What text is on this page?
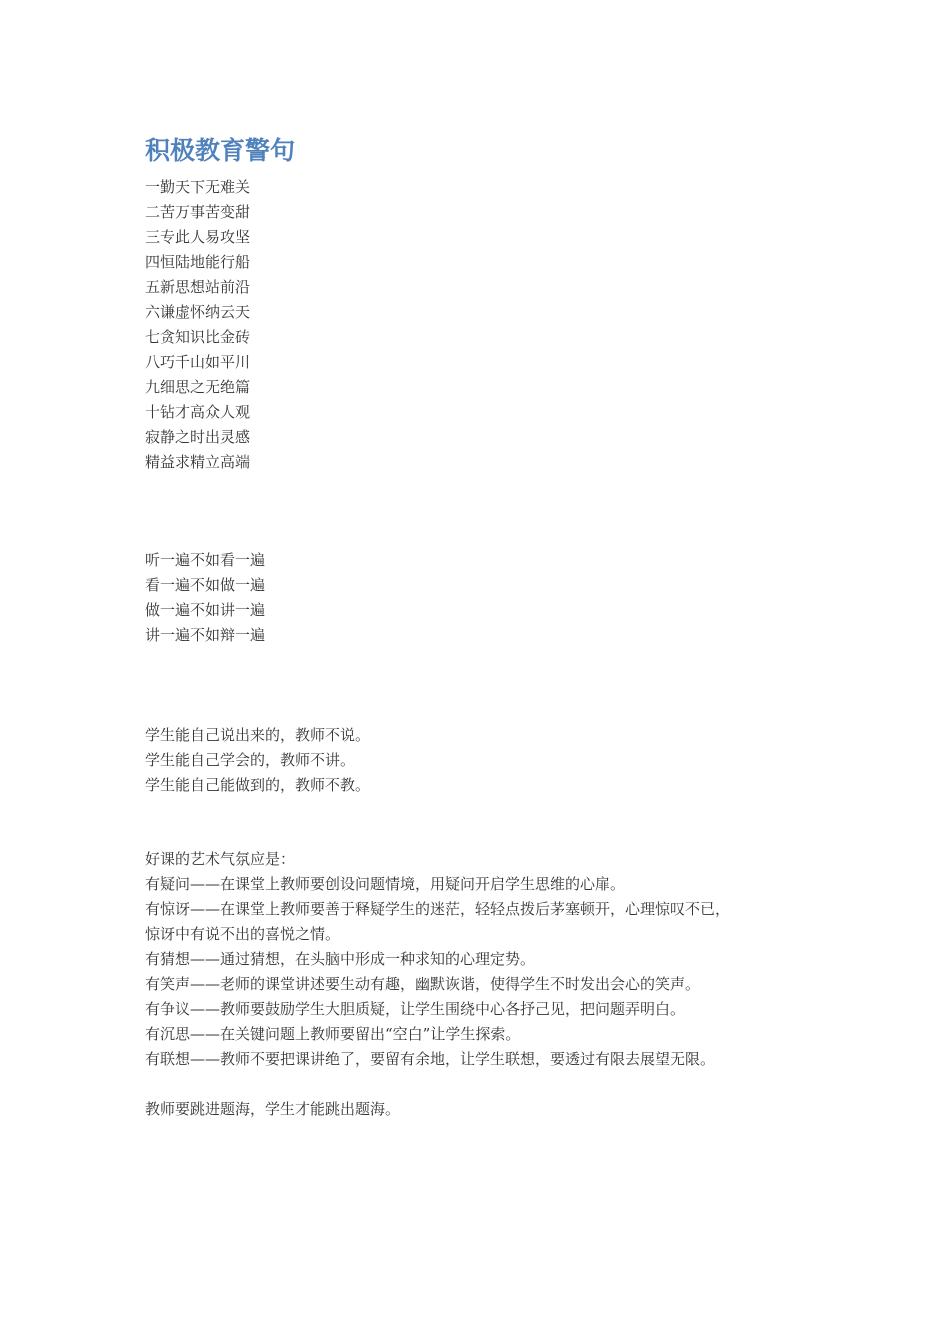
积极教育警句
一勤天下无难关
二苦万事苦变甜
三专此人易攻坚
四恒陆地能行船
五新思想站前沿
六谦虚怀纳云天
七贪知识比金砖
八巧千山如平川
九细思之无绝篇
十钻才高众人观
寂静之时出灵感
精益求精立高端
听一遍不如看一遍
看一遍不如做一遍
做一遍不如讲一遍
讲一遍不如辩一遍
学生能自己说出来的，教师不说。
学生能自己学会的，教师不讲。
学生能自己能做到的，教师不教。
好课的艺术气氛应是：
有疑问——在课堂上教师要创设问题情境，用疑问开启学生思维的心扉。
有惊讶——在课堂上教师要善于释疑学生的迷茫，轻轻点拨后茅塞顿开，心理惊叹不已，
惊讶中有说不出的喜悦之情。
有猜想——通过猜想，在头脑中形成一种求知的心理定势。
有笑声——老师的课堂讲述要生动有趣，幽默诙谐，使得学生不时发出会心的笑声。
有争议——教师要鼓励学生大胆质疑，让学生围绕中心各抒己见，把问题弄明白。
有沉思——在关键问题上教师要留出“空白”让学生探索。
有联想——教师不要把课讲绝了，要留有余地，让学生联想，要透过有限去展望无限。
教师要跳进题海，学生才能跳出题海。
